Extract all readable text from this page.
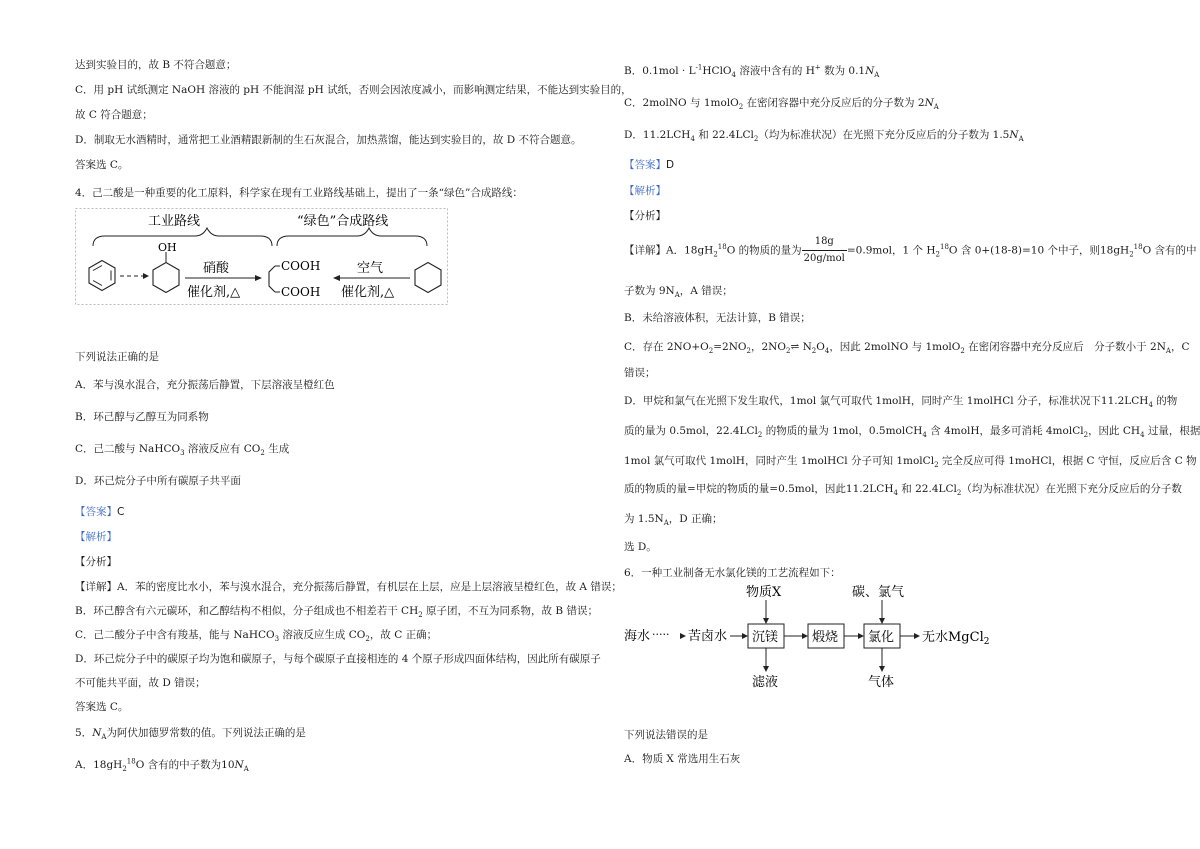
达到实验目的，故 B 不符合题意；
C．用 pH 试纸测定 NaOH 溶液的 pH 不能润湿 pH 试纸，否则会因浓度减小，而影响测定结果，不能达到实验目的，
故 C 符合题意；
D．制取无水酒精时，通常把工业酒精跟新制的生石灰混合，加热蒸馏，能达到实验目的，故 D 不符合题意。
答案选 C。
4．己二酸是一种重要的化工原料，科学家在现有工业路线基础上，提出了一条“绿色”合成路线：
工业路线	“绿色”合成路线
OH
硝酸
催化剂,△
COOH
COOH
空气
催化剂,△
下列说法正确的是
A．苯与溴水混合，充分振荡后静置，下层溶液呈橙红色
B．环己醇与乙醇互为同系物
C．己二酸与 NaHCO$_3$ 溶液反应有 $CO_2$ 生成
D．环己烷分子中所有碳原子共平面
【答案】C
【解析】
【分析】
【详解】A．苯的密度比水小，苯与溴水混合，充分振荡后静置，有机层在上层，应是上层溶液呈橙红色，故 A 错误；
B．环己醇含有六元碳环，和乙醇结构不相似，分子组成也不相差若干 $CH_2$ 原子团，不互为同系物，故 B 错误；
C．己二酸分子中含有羧基，能与 NaHCO$_3$ 溶液反应生成 $CO_2$，故 C 正确；
D．环己烷分子中的碳原子均为饱和碳原子，与每个碳原子直接相连的 4 个原子形成四面体结构，因此所有碳原子
不可能共平面，故 D 错误；
答案选 C。
5．$N_A$为阿伏加德罗常数的值。下列说法正确的是
A．$18gH_2^{18}O$ 含有的中子数为$10N_A$
B．$0.1mol \cdot L^{-1}HClO_4$ 溶液中含有的 H+ 数为 $0.1N_A$
C．2molNO 与 1molO$_2$ 在密闭容器中充分反应后的分子数为 $2N_A$
D．$11.2LCH_4$ 和 22.4LCl$_2$（均为标准状况）在光照下充分反应后的分子数为 $1.5N_A$
【答案】D
【解析】
【分析】
【详解】A．$18gH_2^{18}O$ 的物质的量为 $\frac{18g}{\text{20g/mol}} =0.9mol$，1 个 $H_2^{18}O$ 含 0+(18-8)=10 个中子，则$18gH_2^{18}O$ 含有的中
子数为 $9N_A$，A 错误；
B．未给溶液体积，无法计算，B 错误；
C．存在 $2NO+O_2=2NO_2$，$2NO_2\rightleftharpoons$ $N_2O_4$，因此 2molNO 与 1molO$_2$ 在密闭容器中充分反应后　分子数小于 $2N_A$，C
错误；
D．甲烷和氯气在光照下发生取代，1mol 氯气可取代 1molH，同时产生 1molHCl 分子，标准状况下$11.2LCH_4$ 的物
质的量为 0.5mol，22.4LCl$_2$ 的物质的量为 1mol，0.5molCH$_4$ 含 4molH，最多可消耗 4molCl$_2$，因此 $CH_4$ 过量，根据
1mol 氯气可取代 1molH，同时产生 1molHCl 分子可知 1molCl$_2$ 完全反应可得 1moHCl，根据 C 守恒，反应后含 C 物
质的物质的量=甲烷的物质的量=0.5mol，因此$11.2LCH_4$ 和 22.4LCl$_2$（均为标准状况）在光照下充分反应后的分子数
为 $1.5N_A$，D 正确；
选 D。
6．一种工业制备无水氯化镁的工艺流程如下：
物质X	碳、氯气
海水 ····· 苦卤水 沉镁	煅烧 氯化 无水MgCl$_2$
滤液	气体
下列说法错误的是
A．物质 X 常选用生石灰
